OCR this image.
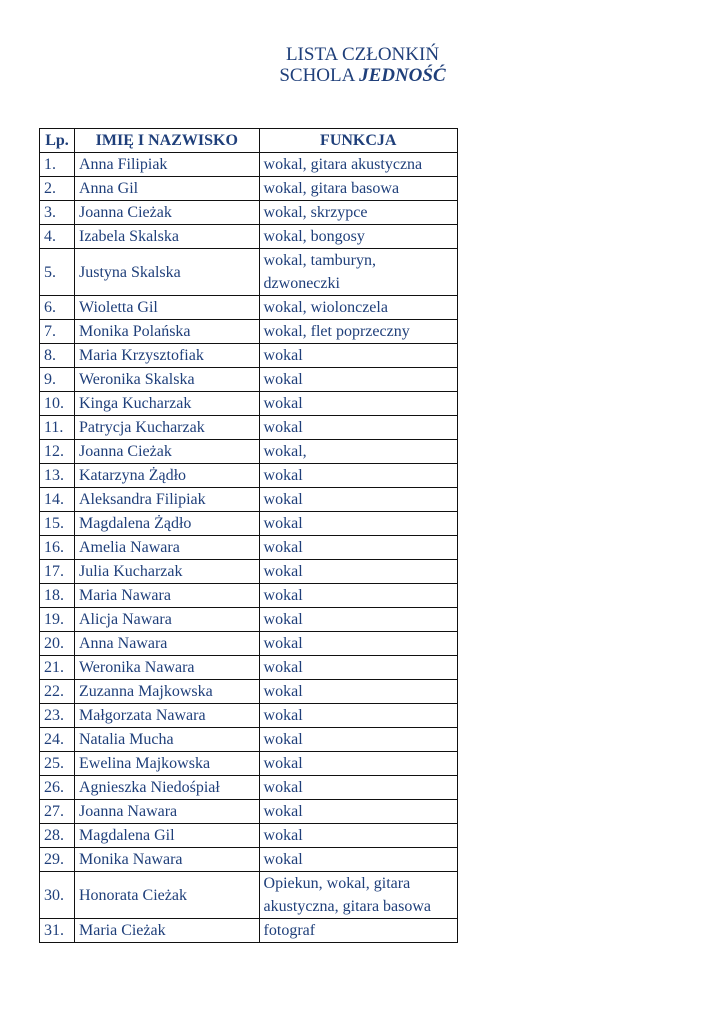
LISTA CZŁONKIŃ
SCHOLA JEDNOŚĆ
Lp.	IMIĘ I NAZWISKO	FUNKCJA
1.	Anna Filipiak	wokal, gitara akustyczna
2.	Anna Gil	wokal, gitara basowa
3.	Joanna Cieżak	wokal, skrzypce
4.	Izabela Skalska	wokal, bongosy
5.	Justyna Skalska	wokal, tamburyn, dzwoneczki
6.	Wioletta Gil	wokal, wiolonczela
7.	Monika Polańska	wokal, flet poprzeczny
8.	Maria Krzysztofiak	wokal
9.	Weronika Skalska	wokal
10.	Kinga Kucharzak	wokal
11.	Patrycja Kucharzak	wokal
12.	Joanna Cieżak	wokal,
13.	Katarzyna Żądło	wokal
14.	Aleksandra Filipiak	wokal
15.	Magdalena Żądło	wokal
16.	Amelia Nawara	wokal
17.	Julia Kucharzak	wokal
18.	Maria Nawara	wokal
19.	Alicja Nawara	wokal
20.	Anna Nawara	wokal
21.	Weronika Nawara	wokal
22.	Zuzanna Majkowska	wokal
23.	Małgorzata Nawara	wokal
24.	Natalia Mucha	wokal
25.	Ewelina Majkowska	wokal
26.	Agnieszka Niedośpiał	wokal
27.	Joanna Nawara	wokal
28.	Magdalena Gil	wokal
29.	Monika Nawara	wokal
30.	Honorata Cieżak	Opiekun, wokal, gitara akustyczna, gitara basowa
31.	Maria Cieżak	fotograf
